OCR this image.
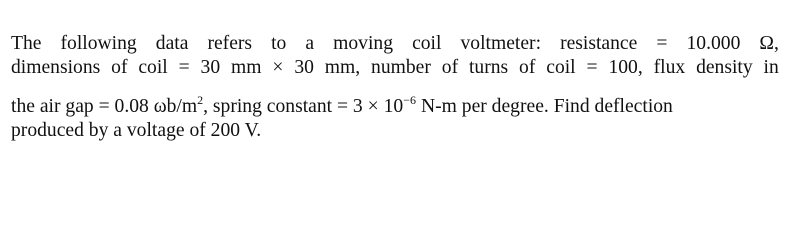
The following data refers to a moving coil voltmeter: resistance = 10.000 Ω,
dimensions of coil = 30 mm × 30 mm, number of turns of coil = 100, flux density in
the air gap = 0.08 $\omega b/m^2$, spring constant = $3 \times 10^{-6}$ N-m per degree. Find deflection
produced by a voltage of 200 V.
